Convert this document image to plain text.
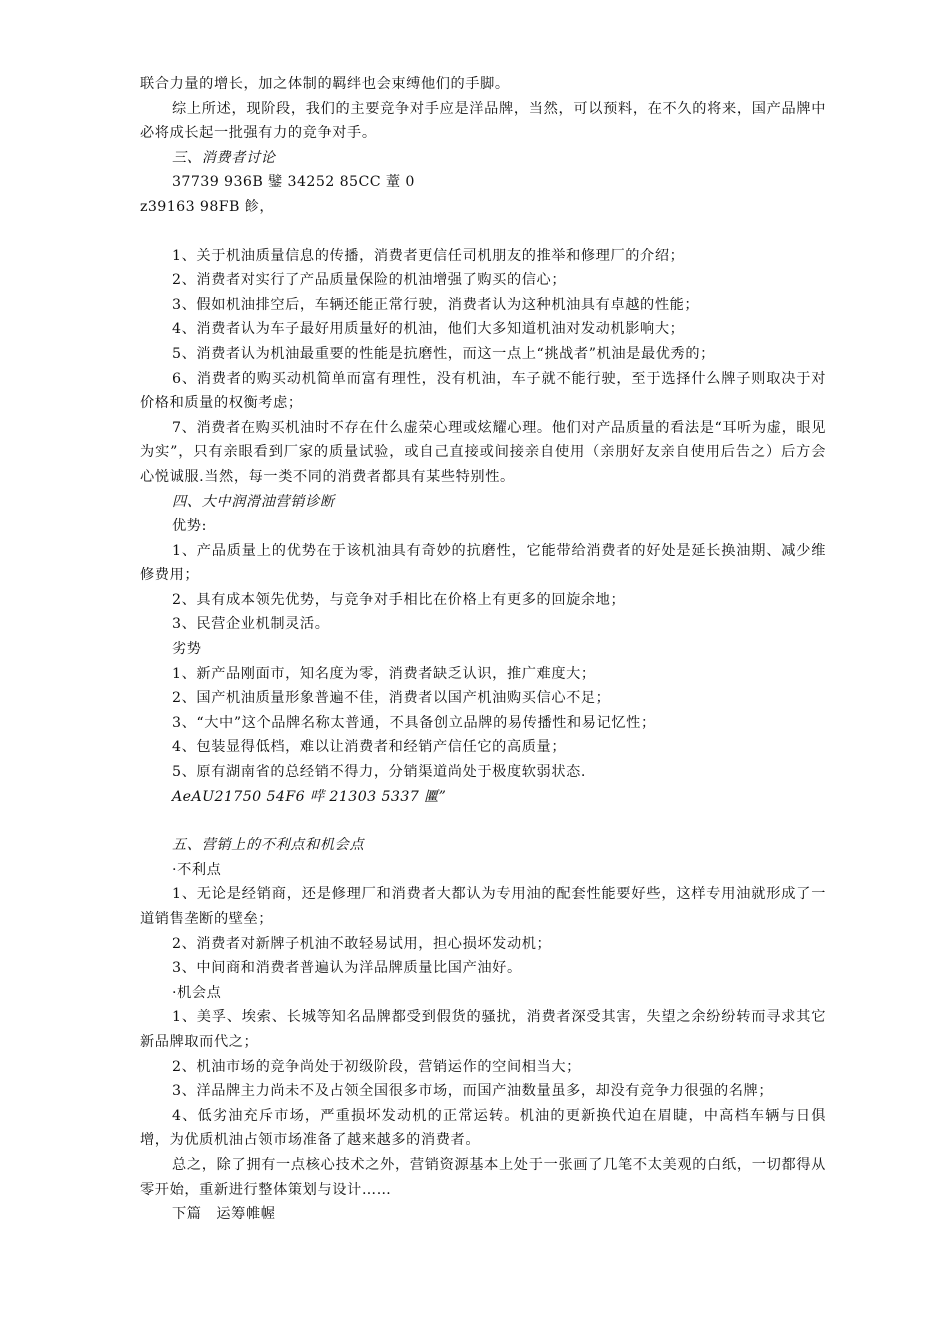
联合力量的增长，加之体制的羁绊也会束缚他们的手脚。

综上所述，现阶段，我们的主要竞争对手应是洋品牌，当然，可以预料，在不久的将来，国产品牌中必将成长起一批强有力的竞争对手。

三、消费者讨论

37739 936B 鐾 34252 85CC 蕫 0

z39163 98FB 飻，

1、关于机油质量信息的传播，消费者更信任司机朋友的推举和修理厂的介绍；

2、消费者对实行了产品质量保险的机油增强了购买的信心；

3、假如机油排空后，车辆还能正常行驶，消费者认为这种机油具有卓越的性能；

4、消费者认为车子最好用质量好的机油，他们大多知道机油对发动机影响大；

5、消费者认为机油最重要的性能是抗磨性，而这一点上“挑战者”机油是最优秀的；

6、消费者的购买动机简单而富有理性，没有机油，车子就不能行驶，至于选择什么牌子则取决于对价格和质量的权衡考虑；

7、消费者在购买机油时不存在什么虚荣心理或炫耀心理。他们对产品质量的看法是“耳听为虚，眼见为实”，只有亲眼看到厂家的质量试验，或自己直接或间接亲自使用（亲朋好友亲自使用后告之）后方会心悦诚服.当然，每一类不同的消费者都具有某些特别性。

四、大中润滑油营销诊断

优势:

1、产品质量上的优势在于该机油具有奇妙的抗磨性，它能带给消费者的好处是延长换油期、减少维修费用；

2、具有成本领先优势，与竞争对手相比在价格上有更多的回旋余地；

3、民营企业机制灵活。

劣势

1、新产品刚面市，知名度为零，消费者缺乏认识，推广难度大；

2、国产机油质量形象普遍不佳，消费者以国产机油购买信心不足；

3、“大中”这个品牌名称太普通，不具备创立品牌的易传播性和易记忆性；

4、包装显得低档，难以让消费者和经销产信任它的高质量；

5、原有湖南省的总经销不得力，分销渠道尚处于极度软弱状态.

AeAU21750 54F6 哶 21303 5337 匷”

五、营销上的不利点和机会点

·不利点

1、无论是经销商，还是修理厂和消费者大都认为专用油的配套性能要好些，这样专用油就形成了一道销售垄断的壁垒；

2、消费者对新牌子机油不敢轻易试用，担心损坏发动机；

3、中间商和消费者普遍认为洋品牌质量比国产油好。

·机会点

1、美孚、埃索、长城等知名品牌都受到假货的骚扰，消费者深受其害，失望之余纷纷转而寻求其它新品牌取而代之；

2、机油市场的竞争尚处于初级阶段，营销运作的空间相当大；

3、洋品牌主力尚未不及占领全国很多市场，而国产油数量虽多，却没有竞争力很强的名牌；

4、低劣油充斥市场，严重损坏发动机的正常运转。机油的更新换代迫在眉睫，中高档车辆与日俱增，为优质机油占领市场准备了越来越多的消费者。

总之，除了拥有一点核心技术之外，营销资源基本上处于一张画了几笔不太美观的白纸，一切都得从零开始，重新进行整体策划与设计……

下篇　运筹帷幄
